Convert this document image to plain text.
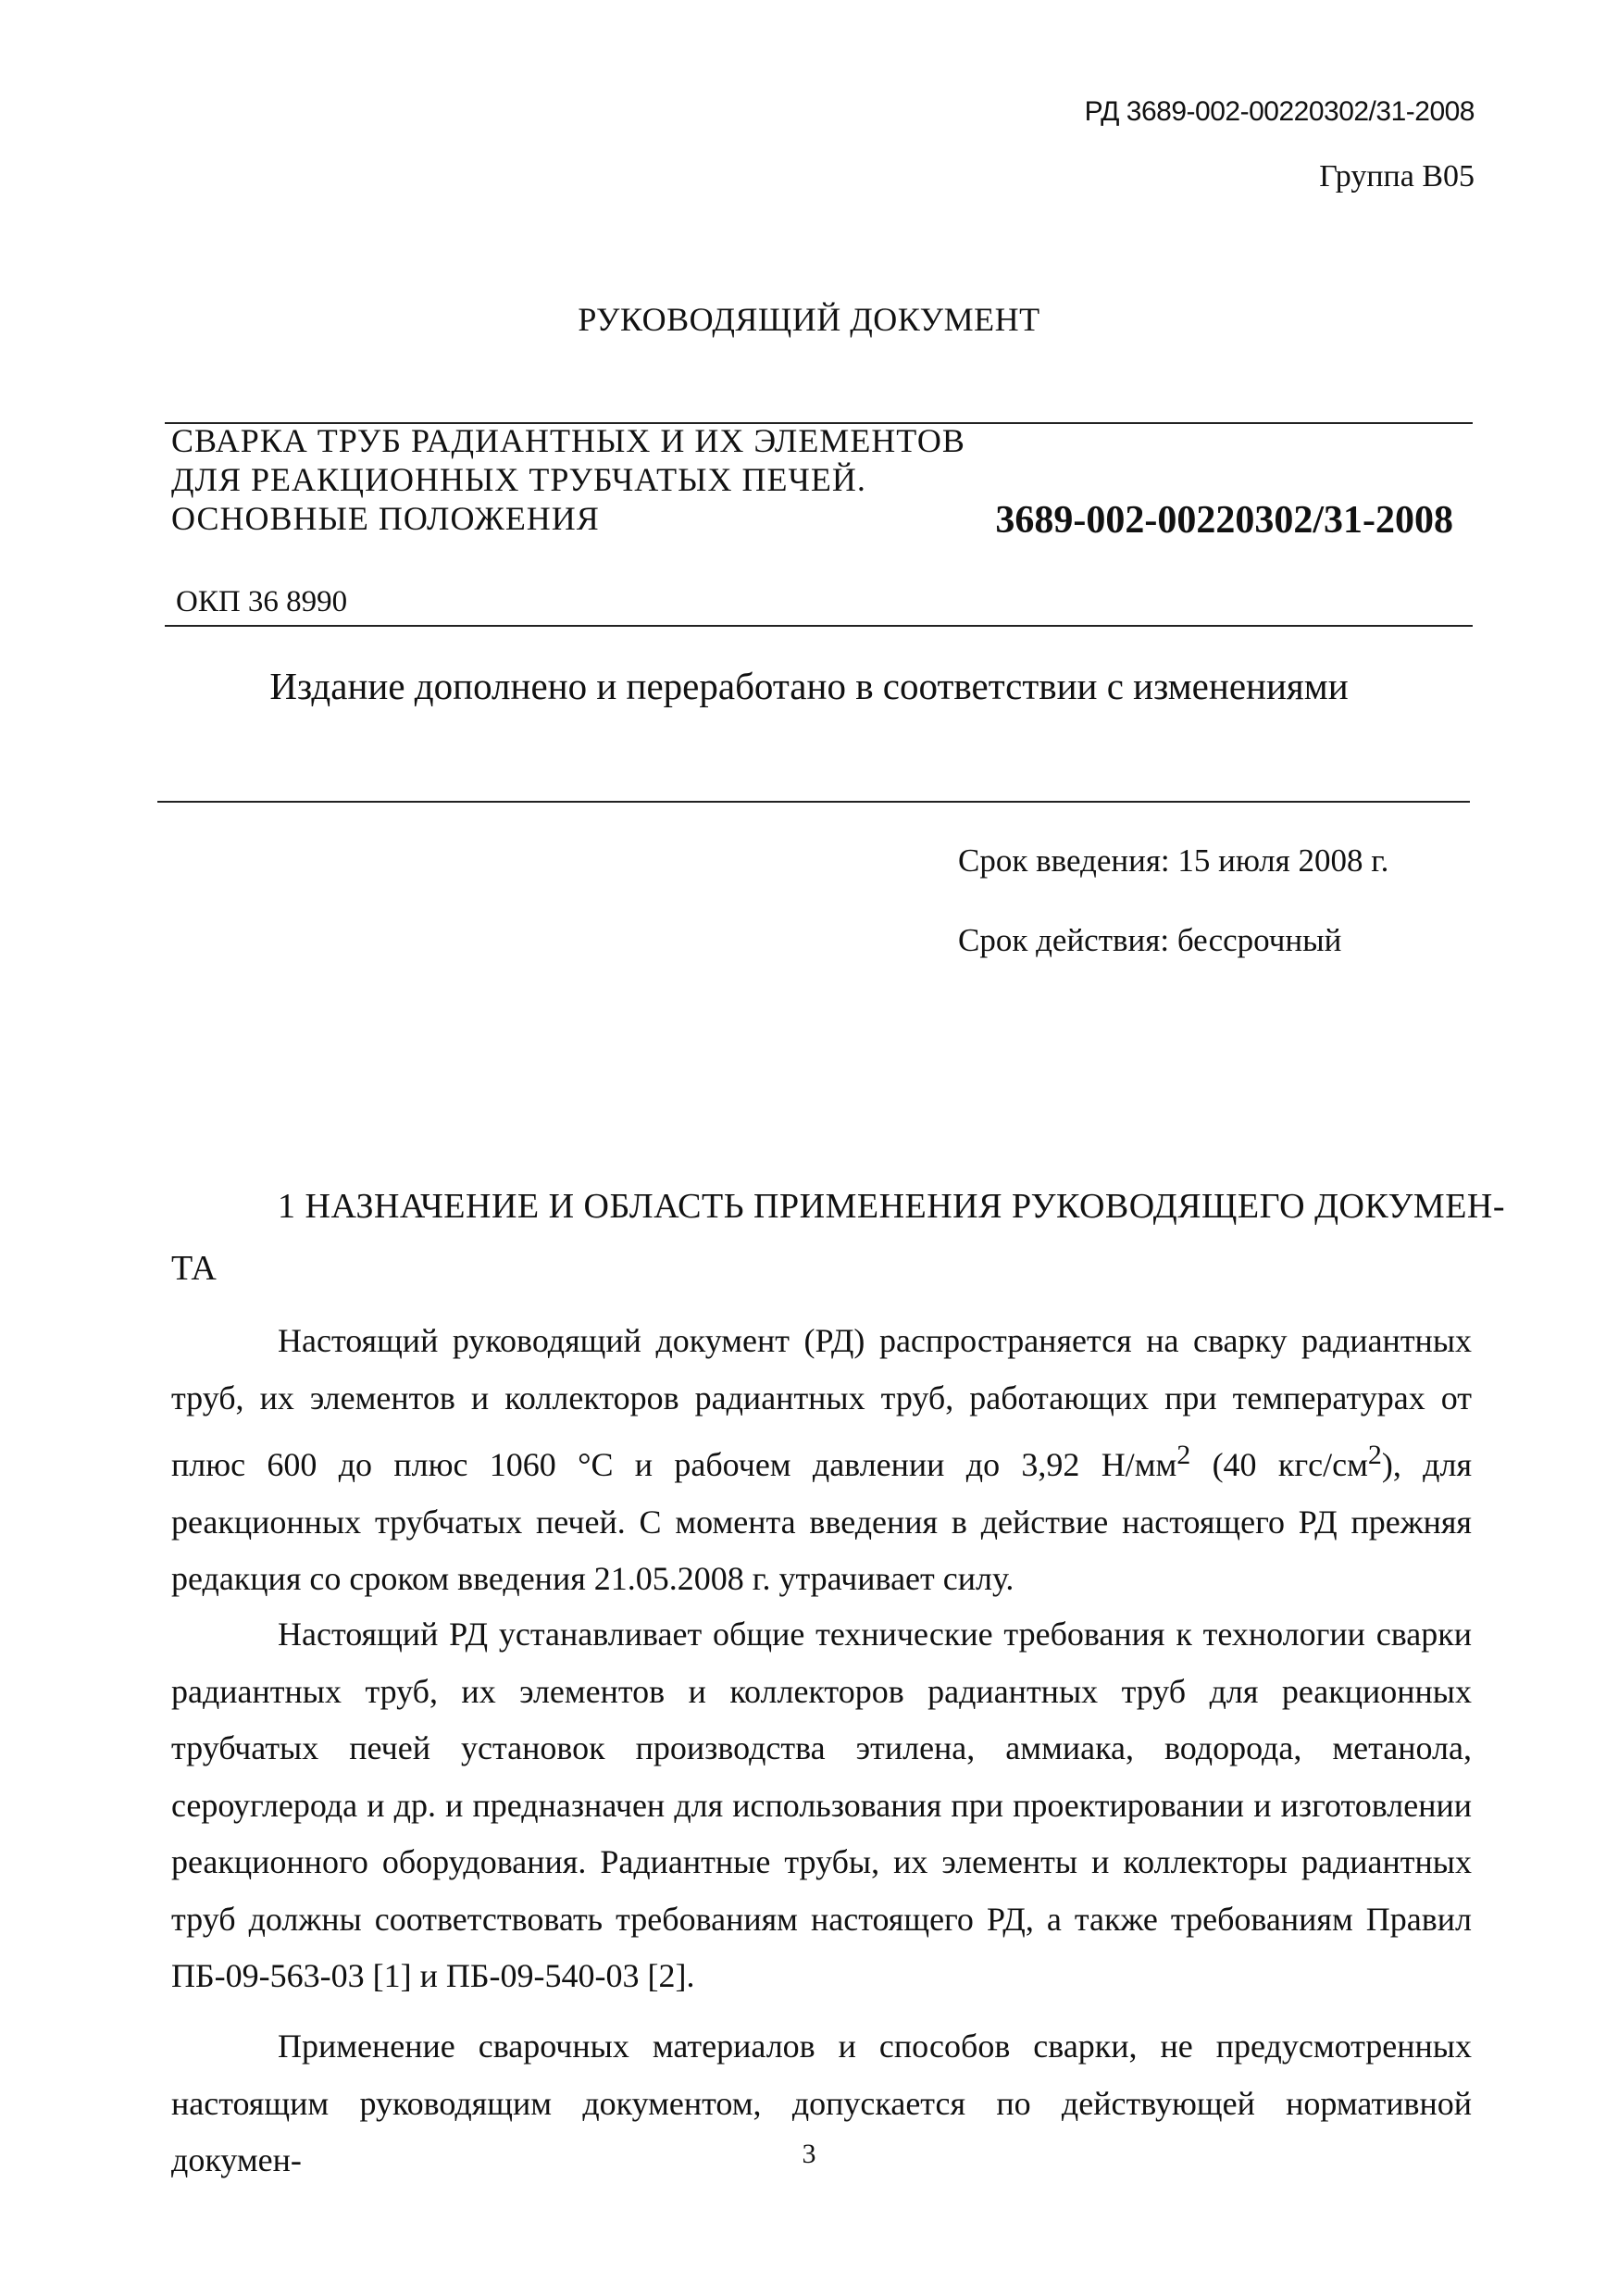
РД 3689-002-00220302/31-2008
Группа В05
РУКОВОДЯЩИЙ ДОКУМЕНТ
СВАРКА ТРУБ РАДИАНТНЫХ И ИХ ЭЛЕМЕНТОВ
ДЛЯ РЕАКЦИОННЫХ ТРУБЧАТЫХ ПЕЧЕЙ.
ОСНОВНЫЕ ПОЛОЖЕНИЯ	3689-002-00220302/31-2008
ОКП 36 8990
Издание дополнено и переработано в соответствии с изменениями
Срок введения: 15 июля 2008 г.
Срок действия: бессрочный
1 НАЗНАЧЕНИЕ И ОБЛАСТЬ ПРИМЕНЕНИЯ РУКОВОДЯЩЕГО ДОКУМЕН-
ТА
Настоящий руководящий документ (РД) распространяется на сварку радиантных труб, их элементов и коллекторов радиантных труб, работающих при температурах от плюс 600 до плюс 1060 °С и рабочем давлении до 3,92 $Н/мм^2$ (40 кгс/$см^2$), для реакционных трубчатых печей. С момента введения в действие настоящего РД прежняя редакция со сроком введения 21.05.2008 г. утрачивает силу.
Настоящий РД устанавливает общие технические требования к технологии сварки радиантных труб, их элементов и коллекторов радиантных труб для реакционных трубчатых печей установок производства этилена, аммиака, водорода, метанола, сероуглерода и др. и предназначен для использования при проектировании и изготовлении реакционного оборудования. Радиантные трубы, их элементы и коллекторы радиантных труб должны соответствовать требованиям настоящего РД, а также требованиям Правил ПБ-09-563-03 [1] и ПБ-09-540-03 [2].
Применение сварочных материалов и способов сварки, не предусмотренных настоящим руководящим документом, допускается по действующей нормативной докумен-	3
